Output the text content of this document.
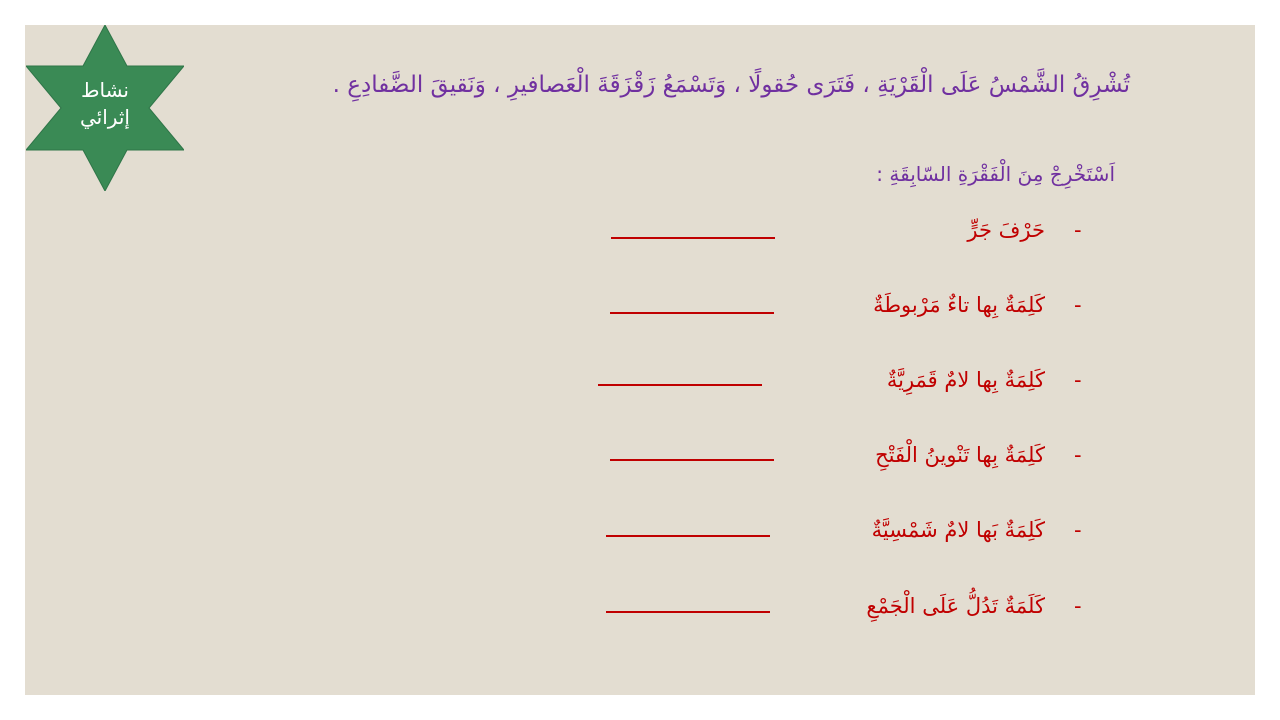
نشاط
إثرائي
تُشْرِقُ الشَّمْسُ عَلَى الْقَرْيَةِ ، فَتَرَى حُقولًا ، وَتَسْمَعُ زَقْزَقَةَ الْعَصافيرِ ، وَنَقيقَ الضَّفادِعِ .
اَسْتَخْرِجْ مِنَ الْفَقْرَةِ السّابِقَةِ :
-
حَرْفَ جَرٍّ
-
كَلِمَةٌ بِها تاءٌ مَرْبوطَةٌ
-
كَلِمَةٌ بِها لامٌ قَمَرِيَّةٌ
-
كَلِمَةٌ بِها تَنْوينُ الْفَتْحِ
-
كَلِمَةٌ بَها لامٌ شَمْسِيَّةٌ
-
كَلَمَةٌ تَدُلُّ عَلَى الْجَمْعِ
